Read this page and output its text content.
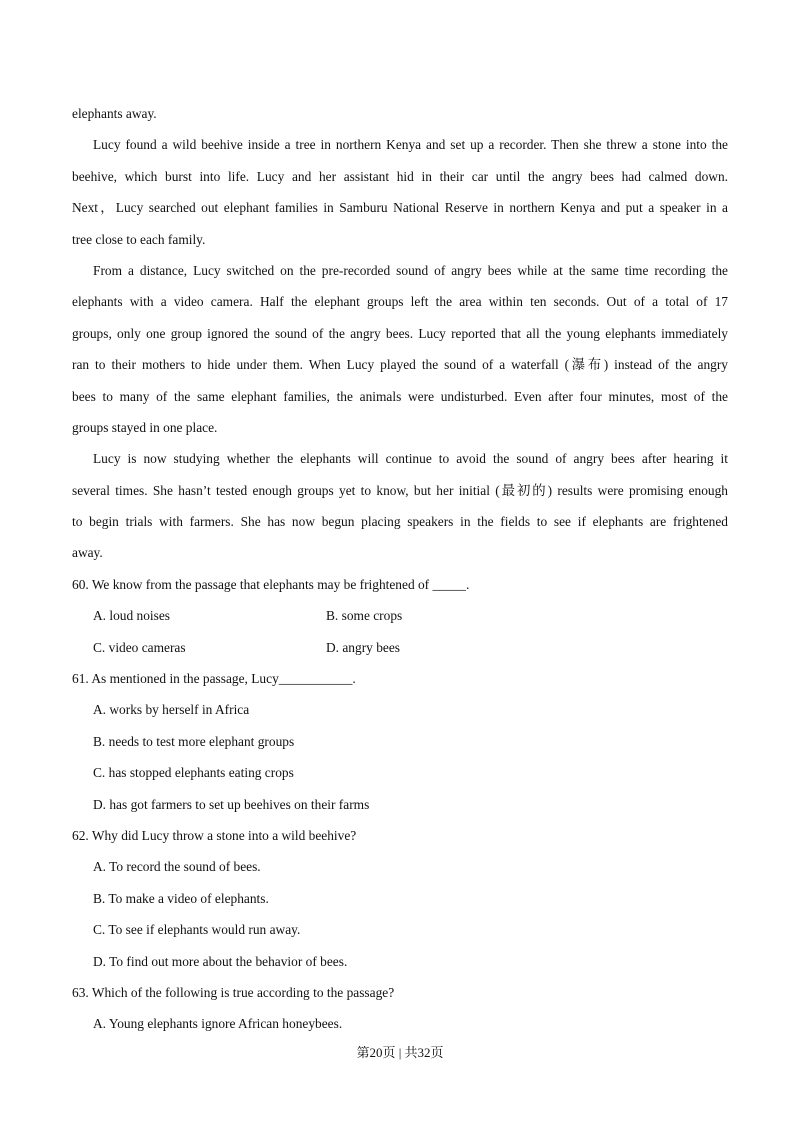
elephants away.
Lucy found a wild beehive inside a tree in northern Kenya and set up a recorder. Then she threw a stone into the
beehive, which burst into life. Lucy and her assistant hid in their car until the angry bees had calmed down.
Next，Lucy searched out elephant families in Samburu National Reserve in northern Kenya and put a speaker in a
tree close to each family.
From a distance, Lucy switched on the pre-recorded sound of angry bees while at the same time recording the
elephants with a video camera. Half the elephant groups left the area within ten seconds. Out of a total of 17
groups, only one group ignored the sound of the angry bees. Lucy reported that all the young elephants immediately
ran to their mothers to hide under them. When Lucy played the sound of a waterfall (瀑布) instead of the angry
bees to many of the same elephant families, the animals were undisturbed. Even after four minutes, most of the
groups stayed in one place.
Lucy is now studying whether the elephants will continue to avoid the sound of angry bees after hearing it
several times. She hasn’t tested enough groups yet to know, but her initial (最初的) results were promising enough
to begin trials with farmers. She has now begun placing speakers in the fields to see if elephants are frightened
away.
60. We know from the passage that elephants may be frightened of _____.
A. loud noises	B. some crops
C. video cameras	D. angry bees
61. As mentioned in the passage, Lucy___________.
A. works by herself in Africa
B. needs to test more elephant groups
C. has stopped elephants eating crops
D. has got farmers to set up beehives on their farms
62. Why did Lucy throw a stone into a wild beehive?
A. To record the sound of bees.
B. To make a video of elephants.
C. To see if elephants would run away.
D. To find out more about the behavior of bees.
63. Which of the following is true according to the passage?
A. Young elephants ignore African honeybees.
第20页 | 共32页
